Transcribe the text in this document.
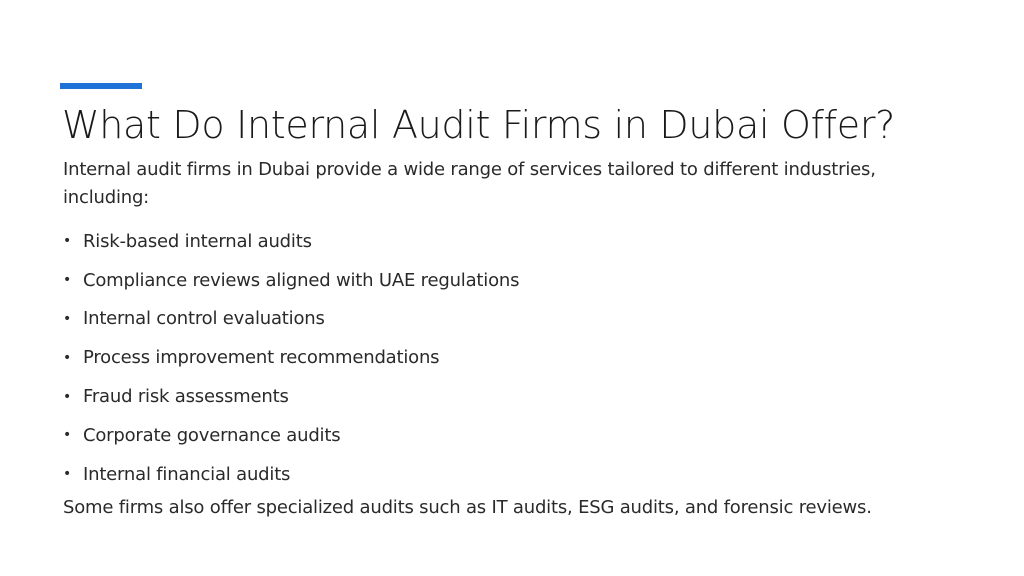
What Do Internal Audit Firms in Dubai Offer?

Internal audit firms in Dubai provide a wide range of services tailored to different industries, including:

• Risk-based internal audits
• Compliance reviews aligned with UAE regulations
• Internal control evaluations
• Process improvement recommendations
• Fraud risk assessments
• Corporate governance audits
• Internal financial audits

Some firms also offer specialized audits such as IT audits, ESG audits, and forensic reviews.
